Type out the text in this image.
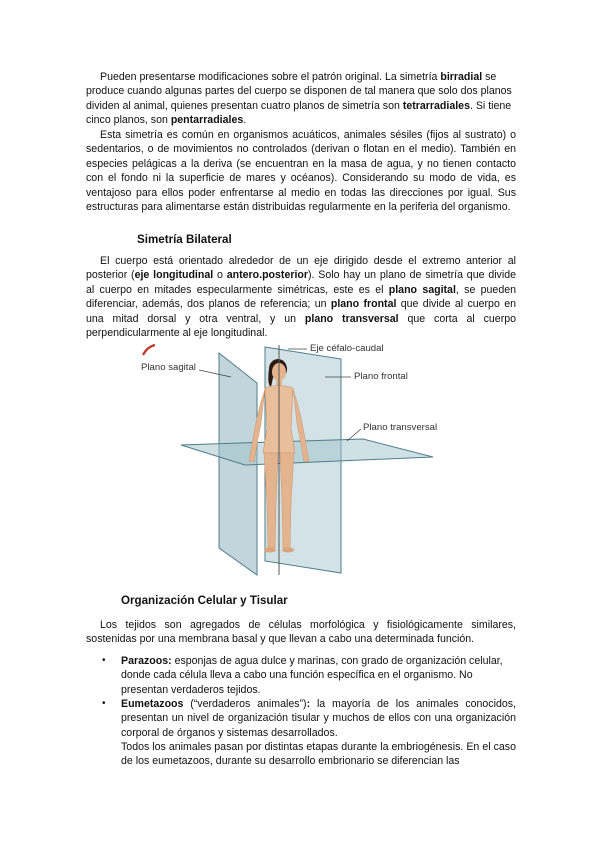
Pueden presentarse modificaciones sobre el patrón original. La simetría birradial se produce cuando algunas partes del cuerpo se disponen de tal manera que solo dos planos dividen al animal, quienes presentan cuatro planos de simetría son tetrarradiales. Si tiene cinco planos, son pentarradiales.

Esta simetría es común en organismos acuáticos, animales sésiles (fijos al sustrato) o sedentarios, o de movimientos no controlados (derivan o flotan en el medio). También en especies pelágicas a la deriva (se encuentran en la masa de agua, y no tienen contacto con el fondo ni la superficie de mares y océanos). Considerando su modo de vida, es ventajoso para ellos poder enfrentarse al medio en todas las direcciones por igual. Sus estructuras para alimentarse están distribuidas regularmente en la periferia del organismo.

Simetría Bilateral

El cuerpo está orientado alrededor de un eje dirigido desde el extremo anterior al posterior (eje longitudinal o antero.posterior). Solo hay un plano de simetría que divide al cuerpo en mitades especularmente simétricas, este es el plano sagital, se pueden diferenciar, además, dos planos de referencia; un plano frontal que divide al cuerpo en una mitad dorsal y otra ventral, y un plano transversal que corta al cuerpo perpendicularmente al eje longitudinal.

Eje céfalo-caudal
Plano sagital
Plano frontal
Plano transversal
Organización Celular y Tisular

Los tejidos son agregados de células morfológica y fisiológicamente similares, sostenidas por una membrana basal y que llevan a cabo una determinada función.

• Parazoos: esponjas de agua dulce y marinas, con grado de organización celular, donde cada célula lleva a cabo una función específica en el organismo. No presentan verdaderos tejidos.

• Eumetazoos (“verdaderos animales”): la mayoría de los animales conocidos, presentan un nivel de organización tisular y muchos de ellos con una organización corporal de órganos y sistemas desarrollados.

Todos los animales pasan por distintas etapas durante la embriogénesis. En el caso de los eumetazoos, durante su desarrollo embrionario se diferencian las
